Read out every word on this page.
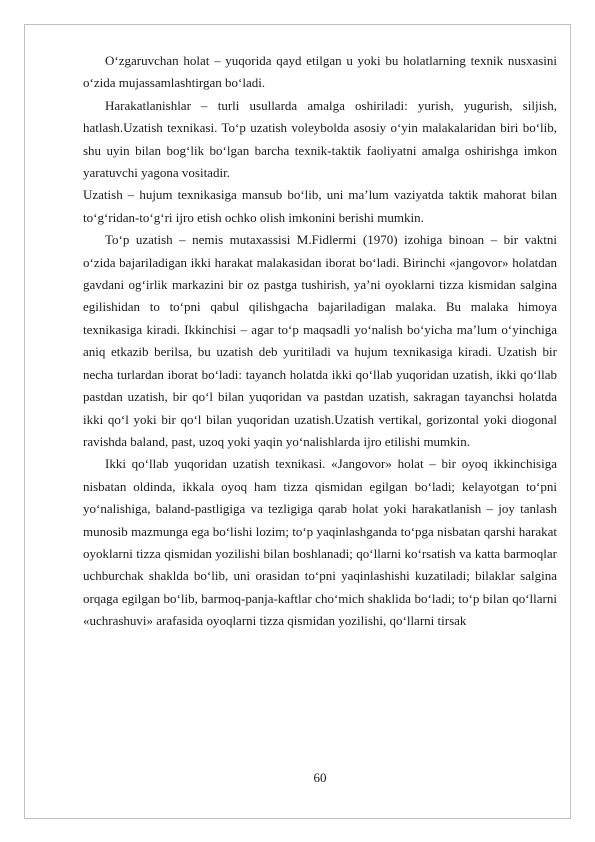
O‘zgaruvchan holat – yuqorida qayd etilgan u yoki bu holatlarning texnik nusxasini o‘zida mujassamlashtirgan bo‘ladi.

Harakatlanishlar – turli usullarda amalga oshiriladi: yurish, yugurish, siljish, hatlash.Uzatish texnikasi. To‘p uzatish voleybolda asosiy o‘yin malakalaridan biri bo‘lib, shu uyin bilan bog‘lik bo‘lgan barcha texnik-taktik faoliyatni amalga oshirishga imkon yaratuvchi yagona vositadir.

Uzatish – hujum texnikasiga mansub bo‘lib, uni ma’lum vaziyatda taktik mahorat bilan to‘g‘ridan-to‘g‘ri ijro etish ochko olish imkonini berishi mumkin.

To‘p uzatish – nemis mutaxassisi M.Fidlermi (1970) izohiga binoan – bir vaktni o‘zida bajariladigan ikki harakat malakasidan iborat bo‘ladi. Birinchi «jangovor» holatdan gavdani og‘irlik markazini bir oz pastga tushirish, ya’ni oyoklarni tizza kismidan salgina egilishidan to to‘pni qabul qilishgacha bajariladigan malaka. Bu malaka himoya texnikasiga kiradi. Ikkinchisi – agar to‘p maqsadli yo‘nalish bo‘yicha ma’lum o‘yinchiga aniq etkazib berilsa, bu uzatish deb yuritiladi va hujum texnikasiga kiradi. Uzatish bir necha turlardan iborat bo‘ladi: tayanch holatda ikki qo‘llab yuqoridan uzatish, ikki qo‘llab pastdan uzatish, bir qo‘l bilan yuqoridan va pastdan uzatish, sakragan tayanchsi holatda ikki qo‘l yoki bir qo‘l bilan yuqoridan uzatish.Uzatish vertikal, gorizontal yoki diogonal ravishda baland, past, uzoq yoki yaqin yo‘nalishlarda ijro etilishi mumkin.

Ikki qo‘llab yuqoridan uzatish texnikasi. «Jangovor» holat – bir oyoq ikkinchisiga nisbatan oldinda, ikkala oyoq ham tizza qismidan egilgan bo‘ladi; kelayotgan to‘pni yo‘nalishiga, baland-pastligiga va tezligiga qarab holat yoki harakatlanish – joy tanlash munosib mazmunga ega bo‘lishi lozim; to‘p yaqinlashganda to‘pga nisbatan qarshi harakat oyoklarni tizza qismidan yozilishi bilan boshlanadi; qo‘llarni ko‘rsatish va katta barmoqlar uchburchak shaklda bo‘lib, uni orasidan to‘pni yaqinlashishi kuzatiladi; bilaklar salgina orqaga egilgan bo‘lib, barmoq-panja-kaftlar cho‘mich shaklida bo‘ladi; to‘p bilan qo‘llarni «uchrashuvi» arafasida oyoqlarni tizza qismidan yozilishi, qo‘llarni tirsak

60
